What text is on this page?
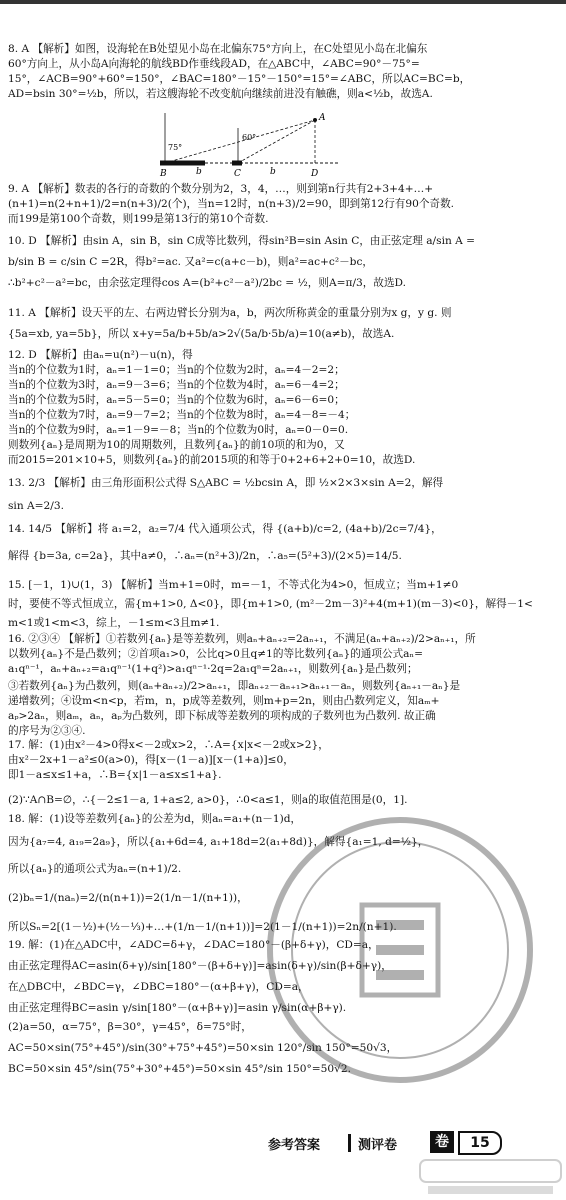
8. A 【解析】如图，设海轮在B处望见小岛在北偏东75°方向上，在C处望见小岛在北偏东

60°方向上，从小岛A向海轮的航线BD作垂线段AD，在△ABC中，∠ABC=90°－75°=

15°，∠ACB=90°+60°=150°，∠BAC=180°－15°－150°=15°=∠ABC，所以AC=BC=b，

AD=bsin 30°=½b，所以，若这艘海轮不改变航向继续前进没有触礁，则a<½b，故选A.

A
B	C	D
b	b
75°
60°

9. A 【解析】数表的各行的奇数的个数分别为2，3，4，…，则到第n行共有2+3+4+…+

(n+1)=n(2+n+1)/2=n(n+3)/2(个)，当n=12时，n(n+3)/2=90，即到第12行有90个奇数.

而199是第100个奇数，则199是第13行的第10个奇数.

10. D 【解析】由sin A，sin B，sin C成等比数列，得sin²B=sin Asin C，由正弦定理 a/sin A =

b/sin B = c/sin C =2R，得b²=ac. 又a²=c(a+c－b)，则a²=ac+c²－bc，

∴b²+c²－a²=bc，由余弦定理得cos A=(b²+c²－a²)/2bc = ½，则A=π/3，故选D.

11. A 【解析】设天平的左、右两边臂长分别为a，b，两次所称黄金的重量分别为x g，y g. 则

{5a=xb, ya=5b}，所以 x+y=5a/b+5b/a>2√(5a/b·5b/a)=10(a≠b)，故选A.

12. D 【解析】由aₙ=u(n²)－u(n)，得

当n的个位数为1时，aₙ=1－1=0；当n的个位数为2时，aₙ=4－2=2；

当n的个位数为3时，aₙ=9－3=6；当n的个位数为4时，aₙ=6－4=2；

当n的个位数为5时，aₙ=5－5=0；当n的个位数为6时，aₙ=6－6=0；

当n的个位数为7时，aₙ=9－7=2；当n的个位数为8时，aₙ=4－8=－4；

当n的个位数为9时，aₙ=1－9=－8；当n的个位数为0时，aₙ=0－0=0.

则数列{aₙ}是周期为10的周期数列，且数列{aₙ}的前10项的和为0，又

而2015=201×10+5，则数列{aₙ}的前2015项的和等于0+2+6+2+0=10，故选D.

13. 2/3 【解析】由三角形面积公式得 S△ABC = ½bcsin A，即 ½×2×3×sin A=2，解得

sin A=2/3.

14. 14/5 【解析】将 a₁=2，a₂=7/4 代入通项公式，得 {(a+b)/c=2, (4a+b)/2c=7/4}，

解得 {b=3a, c=2a}，其中a≠0，∴aₙ=(n²+3)/2n，∴a₅=(5²+3)/(2×5)=14/5.

15. [－1，1)∪(1，3) 【解析】当m+1=0时，m=－1，不等式化为4>0，恒成立；当m+1≠0

时，要使不等式恒成立，需{m+1>0, Δ<0}，即{m+1>0, (m²－2m－3)²+4(m+1)(m－3)<0}，解得－1<

m<1或1<m<3，综上，－1≤m<3且m≠1.

16. ②③④ 【解析】①若数列{aₙ}是等差数列，则aₙ+aₙ₊₂=2aₙ₊₁，不满足(aₙ+aₙ₊₂)/2>aₙ₊₁，所

以数列{aₙ}不是凸数列；②首项a₁>0，公比q>0且q≠1的等比数列{aₙ}的通项公式aₙ=

a₁qⁿ⁻¹，aₙ+aₙ₊₂=a₁qⁿ⁻¹(1+q²)>a₁qⁿ⁻¹·2q=2a₁qⁿ=2aₙ₊₁，则数列{aₙ}是凸数列；

③若数列{aₙ}为凸数列，则(aₙ+aₙ₊₂)/2>aₙ₊₁，即aₙ₊₂－aₙ₊₁>aₙ₊₁－aₙ，则数列{aₙ₊₁－aₙ}是

递增数列；④设m<n<p，若m，n，p成等差数列，则m+p=2n，则由凸数列定义，知aₘ+

aₚ>2aₙ，则aₘ，aₙ，aₚ为凸数列，即下标成等差数列的项构成的子数列也为凸数列. 故正确

的序号为②③④.

17. 解：(1)由x²－4>0得x<－2或x>2，∴A={x|x<－2或x>2}，

由x²－2x+1－a²≤0(a>0)，得[x－(1－a)][x－(1+a)]≤0，

即1－a≤x≤1+a，∴B={x|1－a≤x≤1+a}.

(2)∵A∩B=∅，∴{－2≤1－a, 1+a≤2, a>0}，∴0<a≤1，则a的取值范围是(0，1].

18. 解：(1)设等差数列{aₙ}的公差为d，则aₙ=a₁+(n－1)d，

因为{a₇=4, a₁₉=2a₉}，所以{a₁+6d=4, a₁+18d=2(a₁+8d)}，解得{a₁=1, d=½}，

所以{aₙ}的通项公式为aₙ=(n+1)/2.

(2)bₙ=1/(naₙ)=2/(n(n+1))=2(1/n－1/(n+1))，

所以Sₙ=2[(1－½)+(½－⅓)+…+(1/n－1/(n+1))]=2(1－1/(n+1))=2n/(n+1).

19. 解：(1)在△ADC中，∠ADC=δ+γ，∠DAC=180°－(β+δ+γ)，CD=a，

由正弦定理得AC=asin(δ+γ)/sin[180°－(β+δ+γ)]=asin(δ+γ)/sin(β+δ+γ)，

在△DBC中，∠BDC=γ，∠DBC=180°－(α+β+γ)，CD=a，

由正弦定理得BC=asin γ/sin[180°－(α+β+γ)]=asin γ/sin(α+β+γ).

(2)a=50，α=75°，β=30°，γ=45°，δ=75°时，

AC=50×sin(75°+45°)/sin(30°+75°+45°)=50×sin 120°/sin 150°=50√3，

BC=50×sin 45°/sin(75°+30°+45°)=50×sin 45°/sin 150°=50√2.

参考答案	测评卷	卷	15
